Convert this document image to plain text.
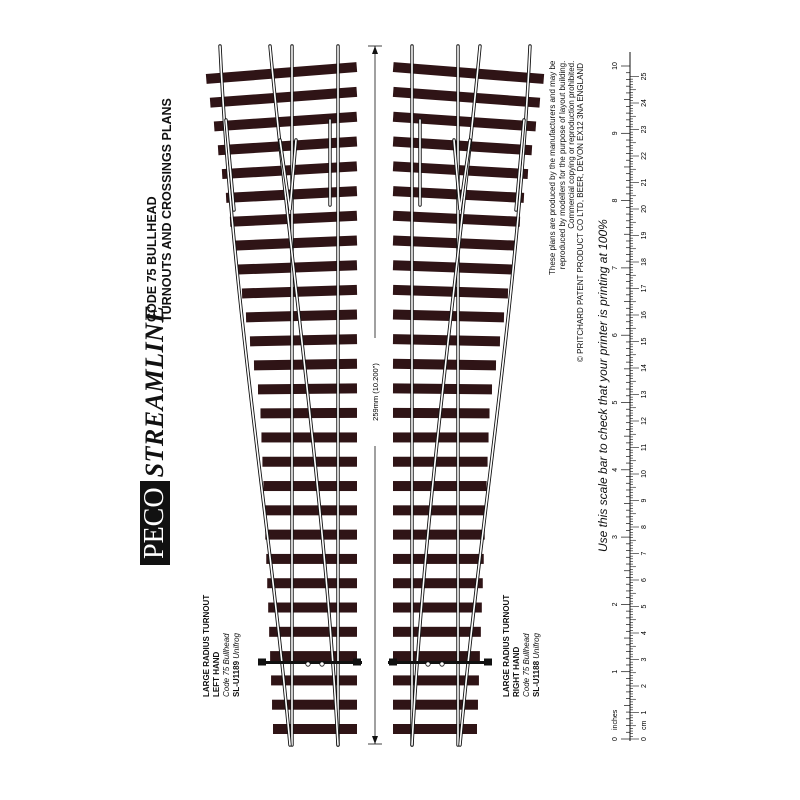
PECOSTREAMLINE
CODE 75 BULLHEAD TURNOUTS AND CROSSINGS PLANS
LARGE RADIUS TURNOUT LEFT HAND Code 75 Bullhead SL-U1189 Unifrog	LARGE RADIUS TURNOUT RIGHT HAND Code 75 Bullhead SL-U1188 Unifrog
These plans are produced by the manufacturers and may be reproduced by modellers for the purpose of layout building. Commercial copying or reproduction prohibited. © PRITCHARD PATENT PRODUCT CO LTD, BEER, DEVON EX12 3NA ENGLAND
Use this scale bar to check that your printer is printing at 100%
259mm (10.200")
0
1
2
3
4
5
6
7
8
9
10
0
1
2
3
4
5
6
7
8
9
10
11
12
13
14
15
16
17
18
19
20
21
22
23
24
25
inches	cm
